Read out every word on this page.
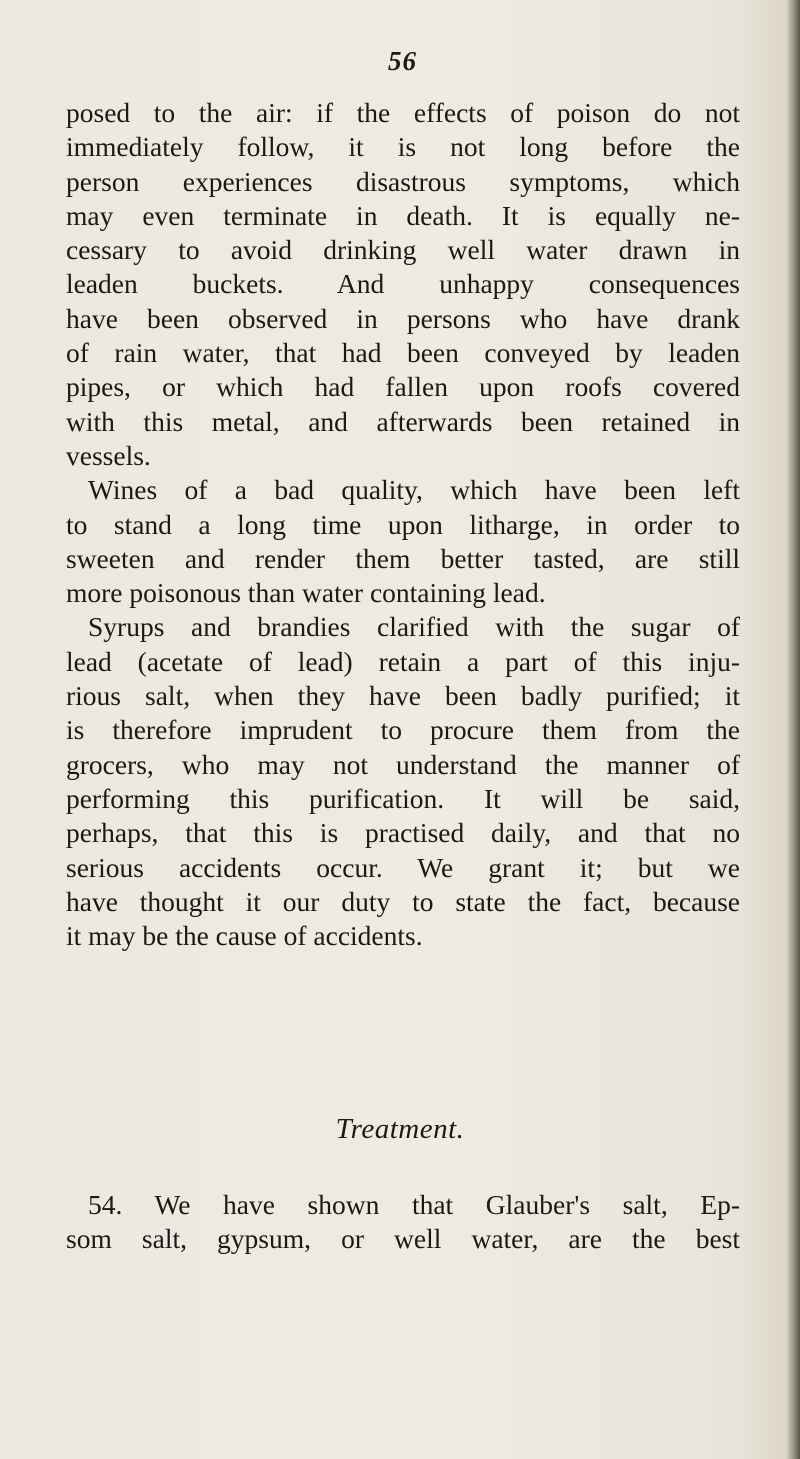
56
posed to the air: if the effects of poison do not
immediately follow, it is not long before the
person experiences disastrous symptoms, which
may even terminate in death. It is equally ne-
cessary to avoid drinking well water drawn in
leaden buckets. And unhappy consequences
have been observed in persons who have drank
of rain water, that had been conveyed by leaden
pipes, or which had fallen upon roofs covered
with this metal, and afterwards been retained in
vessels.
Wines of a bad quality, which have been left
to stand a long time upon litharge, in order to
sweeten and render them better tasted, are still
more poisonous than water containing lead.
Syrups and brandies clarified with the sugar of
lead (acetate of lead) retain a part of this inju-
rious salt, when they have been badly purified; it
is therefore imprudent to procure them from the
grocers, who may not understand the manner of
performing this purification. It will be said,
perhaps, that this is practised daily, and that no
serious accidents occur. We grant it; but we
have thought it our duty to state the fact, because
it may be the cause of accidents.
Treatment.
54. We have shown that Glauber's salt, Ep-
som salt, gypsum, or well water, are the best
